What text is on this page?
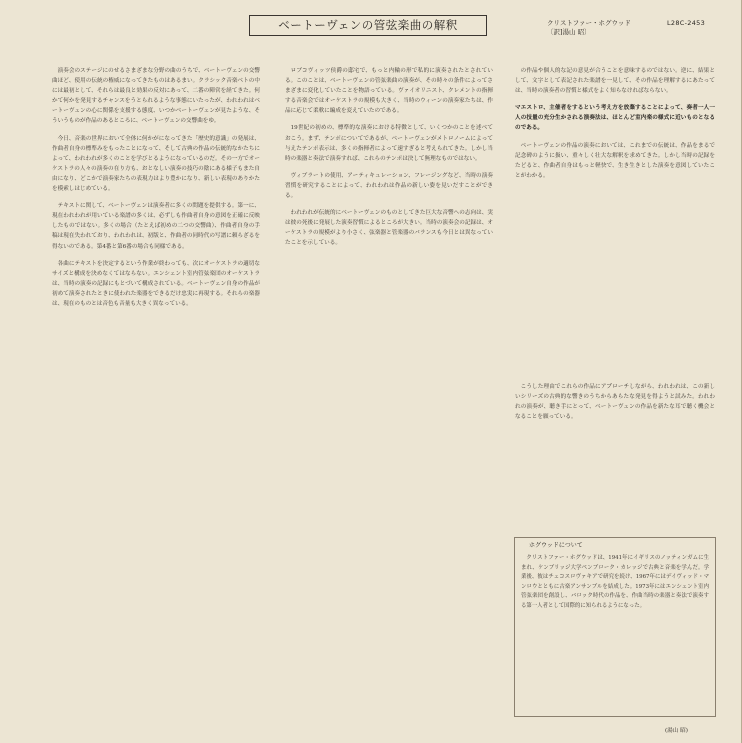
ベートーヴェンの管弦楽曲の解釈	クリストファー・ホグウッド
〔訳]湯山 昭〕
L28C-2453

演奏会のステージにのせるさまざまな分野の曲のうちで、ベートーヴェンの交響曲ほど、使用の伝統の権威になってきたものはあるまい。クラシック音楽ベトの中には最初として、それらは最良と効果の反対にあって、二番の陣営を経てきた。何かて何かを発見するチャンスをうとられるような事態にいたったが、われわれはベートーヴェンの心に関係を支援する態度、いつかベートーヴェンが見たような、そういうものが作品のあるところに、ベートーヴェンの交響曲をゆ。

今日、音楽の世界において全体に何かがになってきた「歴史的意識」の発展は、作曲者自身の標準みをもったことになって、そして古典の作品の伝統的なかたちによって、われわれが多くのことを学びとるようになっているのだ。その一方でオーケストラの人々の演奏の在り方も、おとなしい演奏の技巧の陰にある様子もまた自由になり、どこかで演奏家たちの表現力はより豊かになり、新しい表現のありかたを模索しはじめている。

テキストに関して、ベートーヴェンは演奏者に多くの問題を提供する。第一に、現在われわれが用いている楽譜の多くは、必ずしも作曲者自身の意図を正確に反映したものではない。多くの場合（たとえば初めの二つの交響曲）、作曲者自身の手稿は現在失われており、われわれは、初版と、作曲者の同時代の写譜に頼らざるを得ないのである。第4番と第6番の場合も同様である。

各曲にテキストを決定するという作業が終わっても、次にオーケストラの適切なサイズと構成を決めなくてはならない。エンシェント室内管弦楽団のオーケストラは、当時の演奏の記録にもとづいて構成されている。ベートーヴェン自身の作品が初めて演奏されたときに使われた楽器をできるだけ忠実に再現する。それらの楽器は、現在のものとは音色も音量も大きく異なっている。

ロブコヴィッツ侯爵の邸宅で、もっと内輪の形で私的に演奏されたとされている。このことは、ベートーヴェンの管弦楽曲の演奏が、その時々の条件によってさまざまに変化していたことを物語っている。ヴァイオリニスト、クレメントの指揮する音楽会ではオーケストラの規模も大きく、当時のウィーンの演奏家たちは、作品に応じて柔軟に編成を変えていたのである。

19世紀の初めの、標準的な演奏における特徴として、いくつかのことを述べておこう。まず、テンポについてであるが、ベートーヴェンがメトロノームによって与えたテンポ表示は、多くの指揮者によって速すぎると考えられてきた。しかし当時の楽器と奏法で演奏すれば、これらのテンポは決して無理なものではない。

ヴィブラートの使用、アーティキュレーション、フレージングなど、当時の演奏習慣を研究することによって、われわれは作品の新しい姿を見いだすことができる。

われわれが伝統的にベートーヴェンのものとしてきた巨大な音響への志向は、実は彼の死後に発展した演奏習慣によるところが大きい。当時の演奏会の記録は、オーケストラの規模がより小さく、弦楽器と管楽器のバランスも今日とは異なっていたことを示している。

の作品や個人的な記の意見が合うことを意味するのではない。逆に、結果として、文字として表記された楽譜を一見して、その作品を理解するにあたっては、当時の演奏者の習慣と様式をよく知らなければならない。

マエストロ、主催者をするという考え方を放棄することによって、奏者一人一人の技量の充分生かされる演奏法は、ほとんど室内楽の様式に近いものとなるのである。

ベートーヴェンの作品の演奏においては、これまでの伝統は、作品をまるで記念碑のように扱い、重々しく壮大な解釈を求めてきた。しかし当時の記録をたどると、作曲者自身はもっと軽快で、生き生きとした演奏を意図していたことがわかる。

こうした理由でこれらの作品にアプローチしながら、われわれは、この新しいシリーズの古典的な響きのうちからあらたな発見を得ようと試みた。われわれの演奏が、聴き手にとって、ベートーヴェンの作品を新たな耳で聴く機会となることを願っている。

ホグウッドについて
クリストファー・ホグウッドは、1941年にイギリスのノッティンガムに生まれ、ケンブリッジ大学ペンブローク・カレッジで古典と音楽を学んだ。学業後、彼はチェコスロヴァキアで研究を続け、1967年にはデイヴィッド・マンロウとともに古楽アンサンブルを結成した。1973年にはエンシェント室内管弦楽団を創設し、バロック時代の作品を、作曲当時の楽器と奏法で演奏する第一人者として国際的に知られるようになった。
(湯山 昭)
